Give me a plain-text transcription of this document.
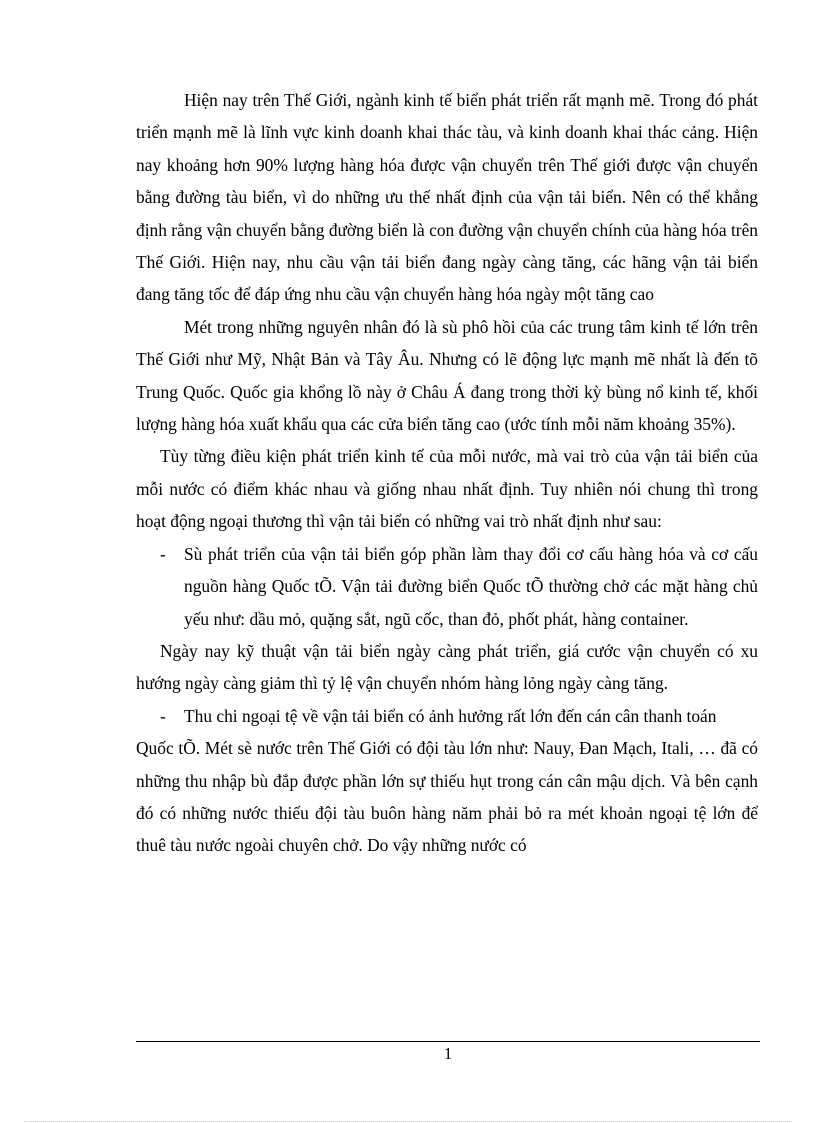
Hiện nay trên Thế Giới, ngành kinh tế biển phát triển rất mạnh mẽ. Trong đó phát triển mạnh mẽ là lĩnh vực kinh doanh khai thác tàu, và kinh doanh khai thác cảng. Hiện nay khoảng hơn 90% lượng hàng hóa được vận chuyển trên Thế giới được vận chuyển bằng đường tàu biển, vì do những ưu thế nhất định của vận tải biển. Nên có thể khẳng định rằng vận chuyển bằng đường biển là con đường vận chuyển chính của hàng hóa trên Thế Giới. Hiện nay, nhu cầu vận tải biển đang ngày càng tăng, các hãng vận tải biển đang tăng tốc để đáp ứng nhu cầu vận chuyển hàng hóa ngày một tăng cao

Mét trong những nguyên nhân đó là sù phô hồi của các trung tâm kinh tế lớn trên Thế Giới như Mỹ, Nhật Bản và Tây Âu. Nhưng có lẽ động lực mạnh mẽ nhất là đến tõ Trung Quốc. Quốc gia khổng lồ này ở Châu Á đang trong thời kỳ bùng nổ kinh tế, khối lượng hàng hóa xuất khẩu qua các cửa biển tăng cao (ước tính mỗi năm khoảng 35%).

Tùy từng điều kiện phát triển kinh tế của mỗi nước, mà vai trò của vận tải biển của mỗi nước có điểm khác nhau và giống nhau nhất định. Tuy nhiên nói chung thì trong hoạt động ngoại thương thì vận tải biển có những vai trò nhất định như sau:

- Sù phát triển của vận tải biển góp phần làm thay đổi cơ cấu hàng hóa và cơ cấu nguồn hàng Quốc tÕ. Vận tải đường biển Quốc tÕ thường chở các mặt hàng chủ yếu như: dầu mỏ, quặng sắt, ngũ cốc, than đỏ, phốt phát, hàng container.

Ngày nay kỹ thuật vận tải biển ngày càng phát triển, giá cước vận chuyển có xu hướng ngày càng giảm thì tỷ lệ vận chuyển nhóm hàng lỏng ngày càng tăng.

- Thu chi ngoại tệ về vận tải biển có ảnh hưởng rất lớn đến cán cân thanh toán

Quốc tÕ. Mét sè nước trên Thế Giới có đội tàu lớn như: Nauy, Đan Mạch, Itali, … đã có những thu nhập bù đắp được phần lớn sự thiếu hụt trong cán cân mậu dịch. Và bên cạnh đó có những nước thiếu đội tàu buôn hàng năm phải bỏ ra mét khoản ngoại tệ lớn để thuê tàu nước ngoài chuyên chở. Do vậy những nước có

1
